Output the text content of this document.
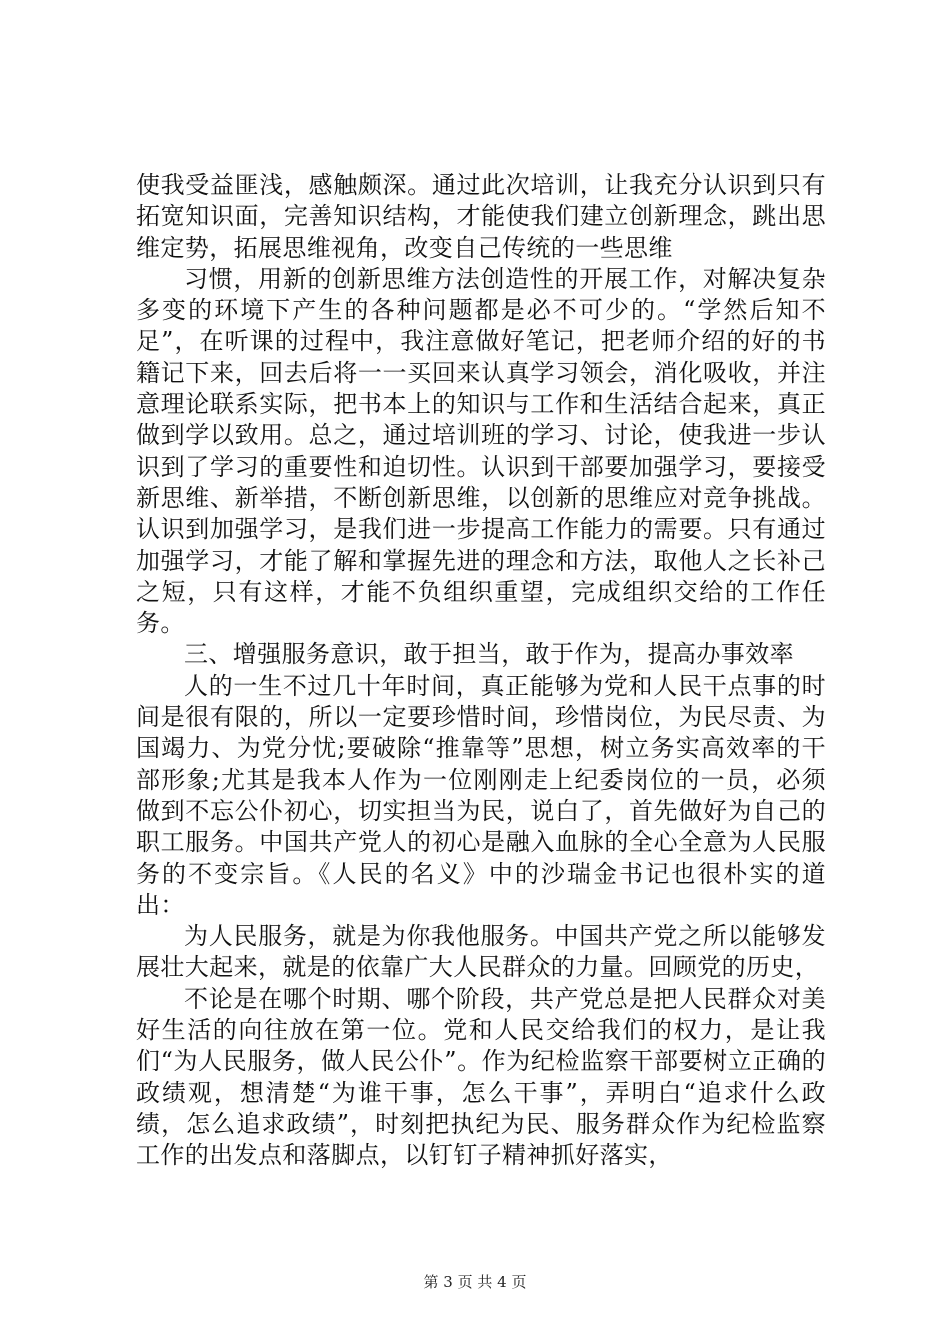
使我受益匪浅，感触颇深。通过此次培训，让我充分认识到只有拓宽知识面，完善知识结构，才能使我们建立创新理念，跳出思维定势，拓展思维视角，改变自己传统的一些思维

习惯，用新的创新思维方法创造性的开展工作，对解决复杂多变的环境下产生的各种问题都是必不可少的。“学然后知不足”，在听课的过程中，我注意做好笔记，把老师介绍的好的书籍记下来，回去后将一一买回来认真学习领会，消化吸收，并注意理论联系实际，把书本上的知识与工作和生活结合起来，真正做到学以致用。总之，通过培训班的学习、讨论，使我进一步认识到了学习的重要性和迫切性。认识到干部要加强学习，要接受新思维、新举措，不断创新思维，以创新的思维应对竞争挑战。认识到加强学习，是我们进一步提高工作能力的需要。只有通过加强学习，才能了解和掌握先进的理念和方法，取他人之长补己之短，只有这样，才能不负组织重望，完成组织交给的工作任务。

三、增强服务意识，敢于担当，敢于作为，提高办事效率

人的一生不过几十年时间，真正能够为党和人民干点事的时间是很有限的，所以一定要珍惜时间，珍惜岗位，为民尽责、为国竭力、为党分忧;要破除“推靠等”思想，树立务实高效率的干部形象;尤其是我本人作为一位刚刚走上纪委岗位的一员，必须做到不忘公仆初心，切实担当为民，说白了，首先做好为自己的职工服务。中国共产党人的初心是融入血脉的全心全意为人民服务的不变宗旨。《人民的名义》中的沙瑞金书记也很朴实的道出：

为人民服务，就是为你我他服务。中国共产党之所以能够发展壮大起来，就是的依靠广大人民群众的力量。回顾党的历史，

不论是在哪个时期、哪个阶段，共产党总是把人民群众对美好生活的向往放在第一位。党和人民交给我们的权力，是让我们“为人民服务，做人民公仆”。作为纪检监察干部要树立正确的政绩观，想清楚“为谁干事，怎么干事”，弄明白“追求什么政绩，怎么追求政绩”，时刻把执纪为民、服务群众作为纪检监察工作的出发点和落脚点，以钉钉子精神抓好落实，

第 3 页 共 4 页
